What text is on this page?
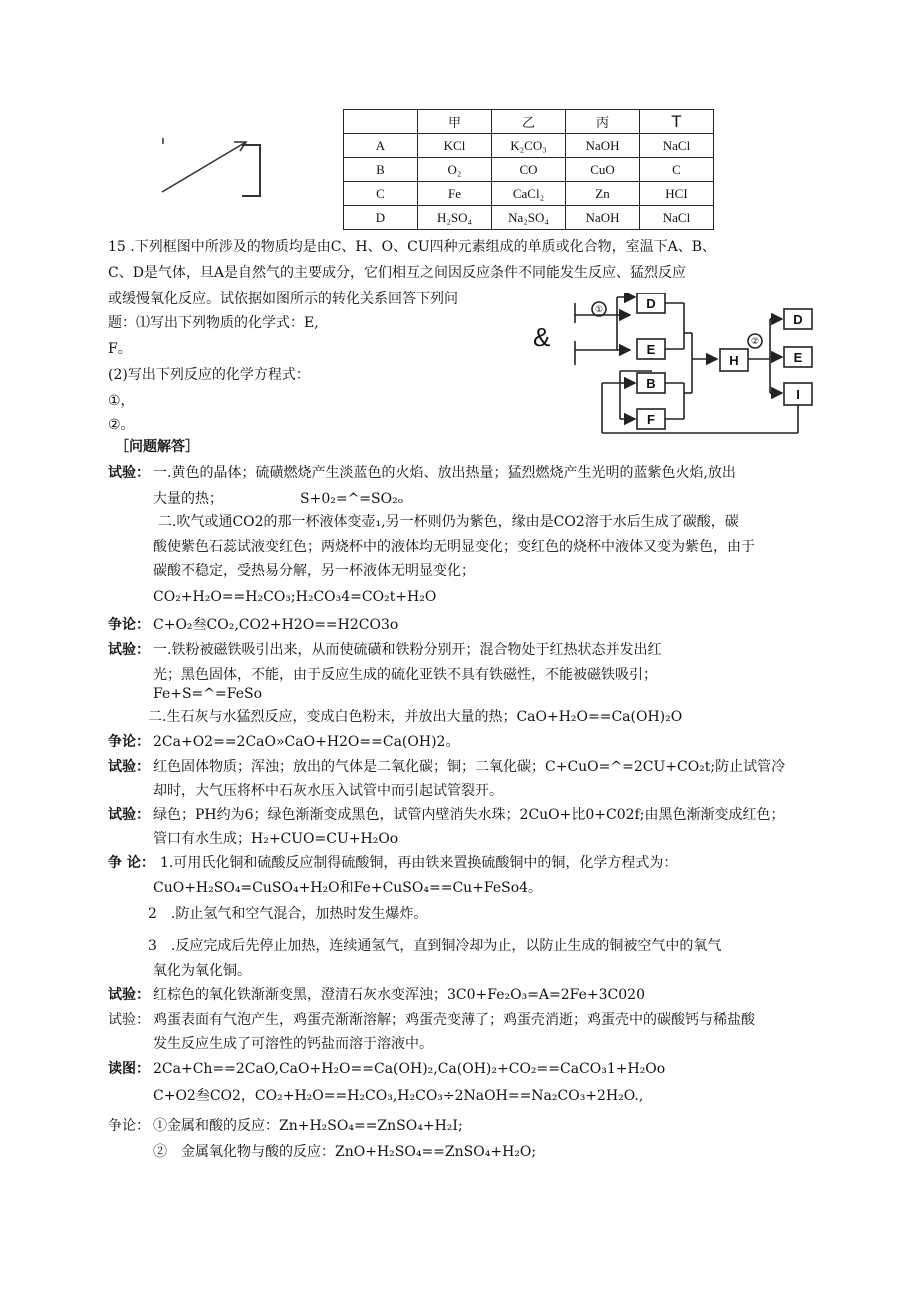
	甲	乙	丙	T
A	KCl	K₂CO₃	NaOH	NaCl
B	O₂	CO	CuO	C
C	Fe	CaCl₂	Zn	HCI
D	H₂SO₄	Na₂SO₄	NaOH	NaCl
15 .下列框图中所涉及的物质均是由C、H、O、CU四种元素组成的单质或化合物，室温下A、B、
C、D是气体，旦A是自然气的主要成分，它们相互之间因反应条件不同能发生反应、猛烈反应
或缓慢氧化反应。试依据如图所示的转化关系回答下列问
题：⑴写出下列物质的化学式：E,
F。
(2)写出下列反应的化学方程式：
①，
②。
&
D
E
B
F
H
D
E
I
①
②
［问题解答］
试验： 一.黄色的晶体；硫磺燃烧产生淡蓝色的火焰、放出热量；猛烈燃烧产生光明的蓝紫色火焰,放出
大量的热；	S+0₂=^=SO₂ₒ
二.吹气或通CO2的那一杯液体变壶₁,另一杯则仍为紫色，缘由是CO2溶于水后生成了碳酸，碳
酸使紫色石蕊试液变红色；两烧杯中的液体均无明显变化；变红色的烧杯中液体又变为紫色，由于
碳酸不稳定，受热易分解，另一杯液体无明显变化；
CO₂+H₂O==H₂CO₃;H₂CO₃4=CO₂t+H₂O
争论： C+O₂叁CO₂,CO2+H2O==H2CO3o
试验： 一.铁粉被磁铁吸引出来，从而使硫磺和铁粉分别开；混合物处于红热状态并发出红
光；黑色固体，不能，由于反应生成的硫化亚铁不具有铁磁性，不能被磁铁吸引；
Fe+S=^=FeSo
二.生石灰与水猛烈反应，变成白色粉末，并放出大量的热；CaO+H₂O==Ca(OH)₂O
争论： 2Ca+O2==2CaO»CaO+H2O==Ca(OH)2。
试验： 红色固体物质；浑浊；放出的气体是二氧化碳；铜；二氧化碳；C+CuO=^=2CU+CO₂t;防止试管冷
却时，大气压将杯中石灰水压入试管中而引起试管裂开。
试验： 绿色；PH约为6；绿色渐渐变成黑色，试管内壁消失水珠；2CuO+比0+C02f;由黑色渐渐变成红色；
管口有水生成；H₂+CUO=CU+H₂Oo
争 论： 1.可用氏化铜和硫酸反应制得硫酸铜，再由铁来置换硫酸铜中的铜，化学方程式为：
CuO+H₂SO₄=CuSO₄+H₂O和Fe+CuSO₄==Cu+FeSo4。
2　.防止氢气和空气混合，加热时发生爆炸。
3　.反应完成后先停止加热，连续通氢气，直到铜冷却为止，以防止生成的铜被空气中的氧气
氧化为氧化铜。
试验： 红棕色的氧化铁渐渐变黑，澄清石灰水变浑浊；3C0+Fe₂O₃=A=2Fe+3C020
试验： 鸡蛋表面有气泡产生，鸡蛋壳渐渐溶解；鸡蛋壳变薄了；鸡蛋壳消逝；鸡蛋壳中的碳酸钙与稀盐酸
发生反应生成了可溶性的钙盐而溶于溶液中。
读图： 2Ca+Ch==2CaO,CaO+H₂O==Ca(OH)₂,Ca(OH)₂+CO₂==CaCO₃1+H₂Oo
C+O2叁CO2，CO₂+H₂O==H₂CO₃,H₂CO₃÷2NaOH==Na₂CO₃+2H₂O.,
争论： ①金属和酸的反应：Zn+H₂SO₄==ZnSO₄+H₂I;
②　金属氧化物与酸的反应：ZnO+H₂SO₄==ZnSO₄+H₂O;
